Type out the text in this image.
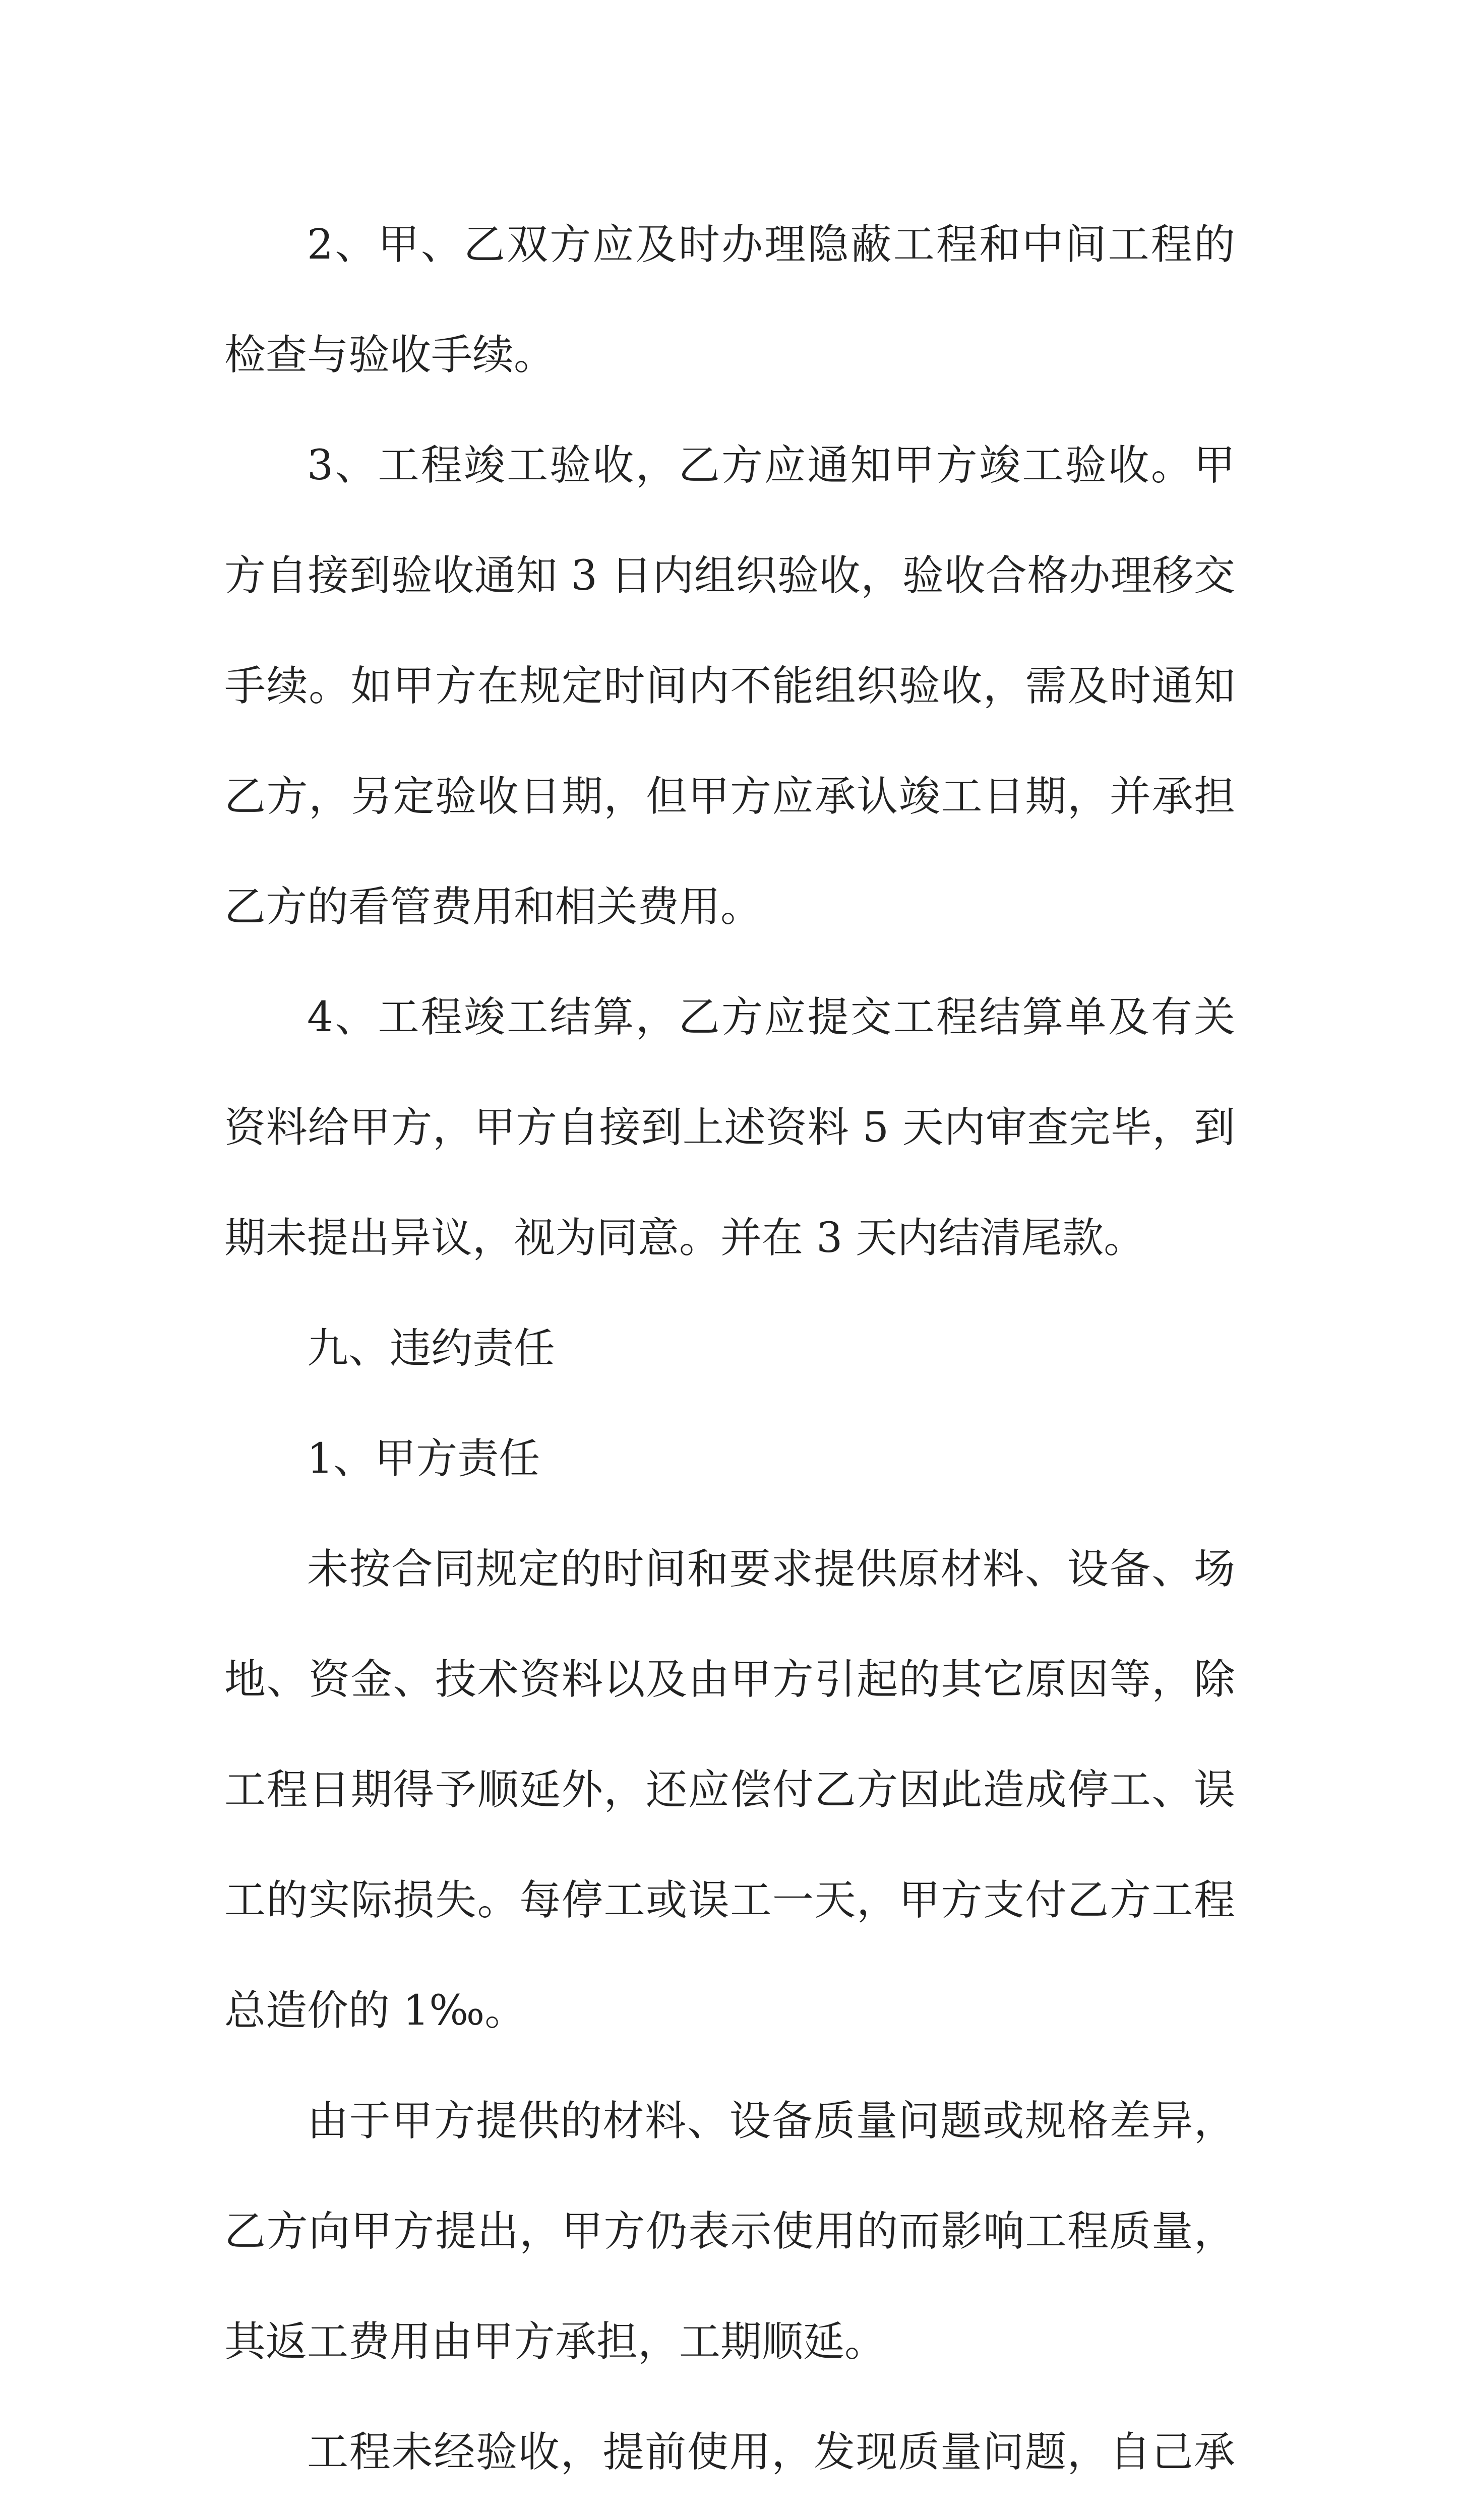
2、甲、乙双方应及时办理隐蔽工程和中间工程的检查与验收手续。

3、工程竣工验收，乙方应通知甲方竣工验收。甲方自接到验收通知 3 日内组织验收，验收合格办理移交手续。如甲方在规定时间内不能组织验收，需及时通知乙方，另定验收日期，但甲方应承认竣工日期，并承担乙方的看管费用和相关费用。

4、工程竣工结算，乙方应提交工程结算单及有关资料给甲方，甲方自接到上述资料 5 天内审查完毕，到期未提出异议，视为同意。并在 3 天内结清尾款。

九、违约责任

1、甲方责任

未按合同规定的时间和要求提供原材料、设备、场地、资金、技术资料以及由甲方引起的其它原因等，除工程日期得予顺延外，还应偿付乙方因此造成停工、误工的实际损失。每停工或误工一天，甲方支付乙方工程总造价的 1‰。

由于甲方提供的材料、设备质量问题或规格差异，乙方向甲方提出，甲方仍表示使用的而影响工程质量，其返工费用由甲方承担，工期顺延。

工程未经验收，提前使用，发现质量问题，自己承
